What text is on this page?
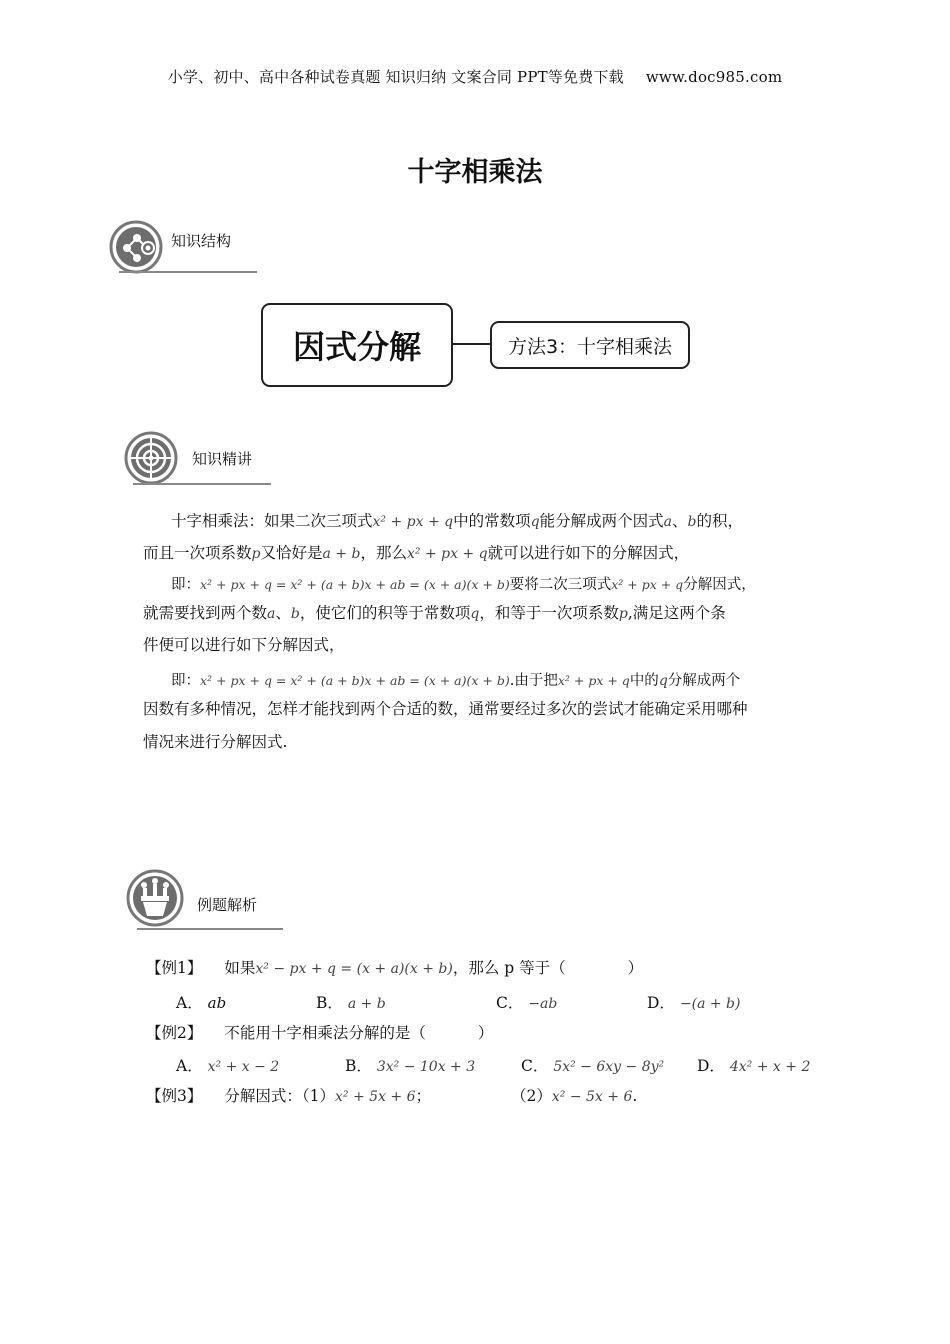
小学、初中、高中各种试卷真题 知识归纳 文案合同 PPT等免费下载 www.doc985.com
十字相乘法
知识结构
因式分解	方法3：十字相乘法
知识精讲
十字相乘法：如果二次三项式x² + px + q中的常数项q能分解成两个因式a、b的积，
而且一次项系数p又恰好是a + b，那么x² + px + q就可以进行如下的分解因式，
即：x² + px + q = x² + (a + b)x + ab = (x + a)(x + b)要将二次三项式x² + px + q分解因式，
就需要找到两个数a、b，使它们的积等于常数项q，和等于一次项系数p,满足这两个条
件便可以进行如下分解因式，
即：x² + px + q = x² + (a + b)x + ab = (x + a)(x + b).由于把x² + px + q中的q分解成两个
因数有多种情况，怎样才能找到两个合适的数，通常要经过多次的尝试才能确定采用哪种
情况来进行分解因式.
例题解析
【例1】 如果x² − px + q = (x + a)(x + b)，那么 p 等于（	）
A． ab	B． a + b	C． −ab	D． −(a + b)
【例2】 不能用十字相乘法分解的是（	）
A． x² + x − 2	B． 3x² − 10x + 3	C． 5x² − 6xy − 8y² D． 4x² + x + 2
【例3】 分解因式：（1）x² + 5x + 6；	（2）x² − 5x + 6.
